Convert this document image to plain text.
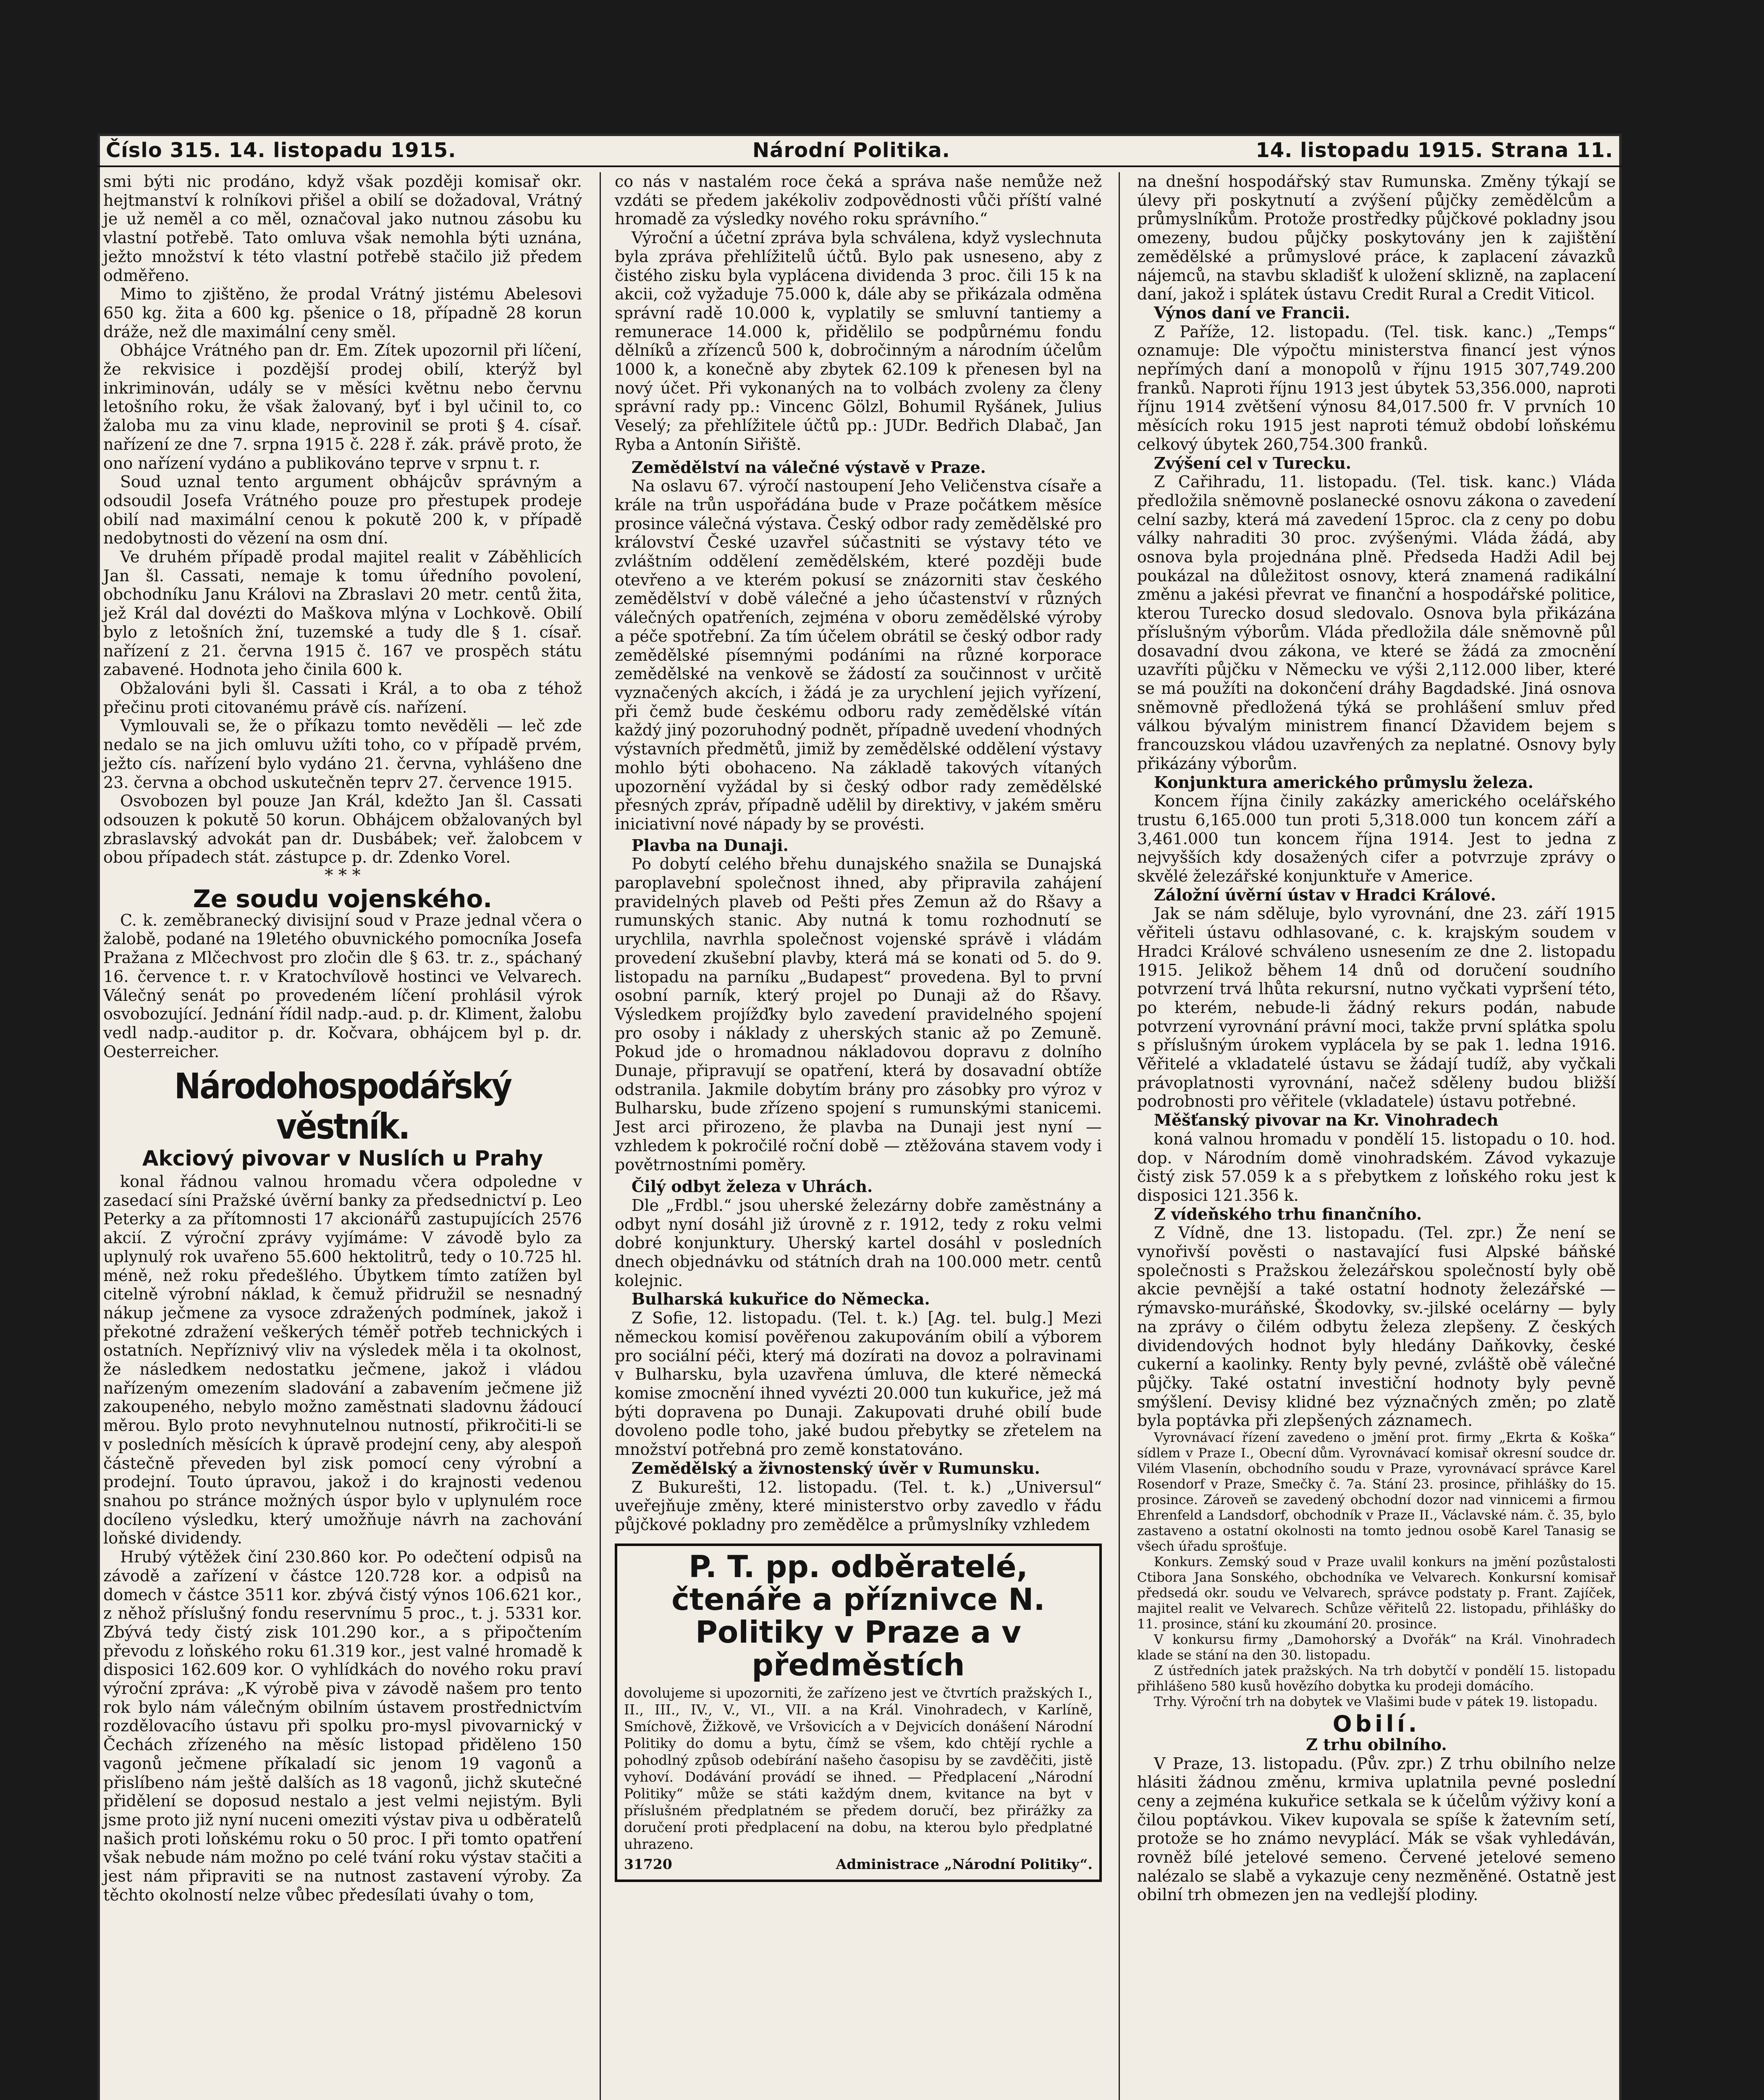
Číslo 315. 14. listopadu 1915.	Národní Politika.	14. listopadu 1915. Strana 11.

smi býti nic prodáno, když však později komisař okr. hejtmanství k rolníkovi přišel a obilí se dožadoval, Vrátný je už neměl a co měl, označoval jako nutnou zásobu ku vlastní potřebě. Tato omluva však nemohla býti uznána, ježto množství k této vlastní potřebě stačilo již předem odměřeno.

Mimo to zjištěno, že prodal Vrátný jistému Abelesovi 650 kg. žita a 600 kg. pšenice o 18, případně 28 korun dráže, než dle maximální ceny směl.

Obhájce Vrátného pan dr. Em. Zítek upozornil při líčení, že rekvisice i pozdější prodej obilí, kterýž byl inkriminován, udály se v měsíci květnu nebo červnu letošního roku, že však žalovaný, byť i byl učinil to, co žaloba mu za vinu klade, neprovinil se proti § 4. císař. nařízení ze dne 7. srpna 1915 č. 228 ř. zák. právě proto, že ono nařízení vydáno a publikováno teprve v srpnu t. r.

Soud uznal tento argument obhájcův správným a odsoudil Josefa Vrátného pouze pro přestupek prodeje obilí nad maximální cenou k pokutě 200 k, v případě nedobytnosti do vězení na osm dní.

Ve druhém případě prodal majitel realit v Záběhlicích Jan šl. Cassati, nemaje k tomu úředního povolení, obchodníku Janu Královi na Zbraslavi 20 metr. centů žita, jež Král dal dovézti do Maškova mlýna v Lochkově. Obilí bylo z letošních žní, tuzemské a tudy dle § 1. císař. nařízení z 21. června 1915 č. 167 ve prospěch státu zabavené. Hodnota jeho činila 600 k.

Obžalováni byli šl. Cassati i Král, a to oba z téhož přečinu proti citovanému právě cís. nařízení.

Vymlouvali se, že o příkazu tomto nevěděli — leč zde nedalo se na jich omluvu užíti toho, co v případě prvém, ježto cís. nařízení bylo vydáno 21. června, vyhlášeno dne 23. června a obchod uskutečněn teprv 27. července 1915.

Osvobozen byl pouze Jan Král, kdežto Jan šl. Cassati odsouzen k pokutě 50 korun. Obhájcem obžalovaných byl zbraslavský advokát pan dr. Dusbábek; veř. žalobcem v obou případech stát. zástupce p. dr. Zdenko Vorel.

* * *

Ze soudu vojenského.

C. k. zeměbranecký divisijní soud v Praze jednal včera o žalobě, podané na 19letého obuvnického pomocníka Josefa Pražana z Mlčechvost pro zločin dle § 63. tr. z., spáchaný 16. července t. r. v Kratochvílově hostinci ve Velvarech. Válečný senát po provedeném líčení prohlásil výrok osvobozující. Jednání řídil nadp.-aud. p. dr. Kliment, žalobu vedl nadp.-auditor p. dr. Kočvara, obhájcem byl p. dr. Oesterreicher.

Národohospodářský věstník.
Akciový pivovar v Nuslích u Prahy

konal řádnou valnou hromadu včera odpoledne v zasedací síni Pražské úvěrní banky za předsednictví p. Leo Peterky a za přítomnosti 17 akcionářů zastupujících 2576 akcií. Z výroční zprávy vyjímáme: V závodě bylo za uplynulý rok uvařeno 55.600 hektolitrů, tedy o 10.725 hl. méně, než roku předešlého. Úbytkem tímto zatížen byl citelně výrobní náklad, k čemuž přidružil se nesnadný nákup ječmene za vysoce zdražených podmínek, jakož i překotné zdražení veškerých téměř potřeb technických i ostatních. Nepříznivý vliv na výsledek měla i ta okolnost, že následkem nedostatku ječmene, jakož i vládou nařízeným omezením sladování a zabavením ječmene již zakoupeného, nebylo možno zaměstnati sladovnu žádoucí měrou. Bylo proto nevyhnutelnou nutností, přikročiti-li se v posledních měsících k úpravě prodejní ceny, aby alespoň částečně převeden byl zisk pomocí ceny výrobní a prodejní. Touto úpravou, jakož i do krajnosti vedenou snahou po stránce možných úspor bylo v uplynulém roce docíleno výsledku, který umožňuje návrh na zachování loňské dividendy.

Hrubý výtěžek činí 230.860 kor. Po odečtení odpisů na závodě a zařízení v částce 120.728 kor. a odpisů na domech v částce 3511 kor. zbývá čistý výnos 106.621 kor., z něhož příslušný fondu reservnímu 5 proc., t. j. 5331 kor. Zbývá tedy čistý zisk 101.290 kor., a s připočtením převodu z loňského roku 61.319 kor., jest valné hromadě k disposici 162.609 kor. O vyhlídkách do nového roku praví výroční zpráva: „K výrobě piva v závodě našem pro tento rok bylo nám válečným obilním ústavem prostřednictvím rozdělovacího ústavu při spolku pro-mysl pivovarnický v Čechách zřízeného na měsíc listopad přiděleno 150 vagonů ječmene příkaladí sic jenom 19 vagonů a přislíbeno nám ještě dalších as 18 vagonů, jichž skutečné přidělení se doposud nestalo a jest velmi nejistým. Byli jsme proto již nyní nuceni omeziti výstav piva u odběratelů našich proti loňskému roku o 50 proc. I při tomto opatření však nebude nám možno po celé tvání roku výstav stačiti a jest nám připraviti se na nutnost zastavení výroby. Za těchto okolností nelze vůbec předesílati úvahy o tom,

co nás v nastalém roce čeká a správa naše nemůže než vzdáti se předem jakékoliv zodpovědnosti vůči příští valné hromadě za výsledky nového roku správního.“

Výroční a účetní zpráva byla schválena, když vyslechnuta byla zpráva přehlížitelů účtů. Bylo pak usneseno, aby z čistého zisku byla vyplácena dividenda 3 proc. čili 15 k na akcii, což vyžaduje 75.000 k, dále aby se přikázala odměna správní radě 10.000 k, vyplatily se smluvní tantiemy a remunerace 14.000 k, přidělilo se podpůrnému fondu dělníků a zřízenců 500 k, dobročinným a národním účelům 1000 k, a konečně aby zbytek 62.109 k přenesen byl na nový účet. Při vykonaných na to volbách zvoleny za členy správní rady pp.: Vincenc Gölzl, Bohumil Ryšánek, Julius Veselý; za přehlížitele účtů pp.: JUDr. Bedřich Dlabač, Jan Ryba a Antonín Siřiště.

Zemědělství na válečné výstavě v Praze.

Na oslavu 67. výročí nastoupení Jeho Veličenstva císaře a krále na trůn uspořádána bude v Praze počátkem měsíce prosince válečná výstava. Český odbor rady zemědělské pro království České uzavřel súčastniti se výstavy této ve zvláštním oddělení zemědělském, které později bude otevřeno a ve kterém pokusí se znázorniti stav českého zemědělství v době válečné a jeho účastenství v různých válečných opatřeních, zejména v oboru zemědělské výroby a péče spotřební. Za tím účelem obrátil se český odbor rady zemědělské písemnými podáními na různé korporace zemědělské na venkově se žádostí za součinnost v určitě vyznačených akcích, i žádá je za urychlení jejich vyřízení, při čemž bude českému odboru rady zemědělské vítán každý jiný pozoruhodný podnět, případně uvedení vhodných výstavních předmětů, jimiž by zemědělské oddělení výstavy mohlo býti obohaceno. Na základě takových vítaných upozornění vyžádal by si český odbor rady zemědělské přesných zpráv, případně udělil by direktivy, v jakém směru iniciativní nové nápady by se provésti.

Plavba na Dunaji.

Po dobytí celého břehu dunajského snažila se Dunajská paroplavební společnost ihned, aby připravila zahájení pravidelných plaveb od Pešti přes Zemun až do Ršavy a rumunských stanic. Aby nutná k tomu rozhodnutí se urychlila, navrhla společnost vojenské správě i vládám provedení zkušební plavby, která má se konati od 5. do 9. listopadu na parníku „Budapest“ provedena. Byl to první osobní parník, který projel po Dunaji až do Ršavy. Výsledkem projížďky bylo zavedení pravidelného spojení pro osoby i náklady z uherských stanic až po Zemuně. Pokud jde o hromadnou nákladovou dopravu z dolního Dunaje, připravují se opatření, která by dosavadní obtíže odstranila. Jakmile dobytím brány pro zásobky pro výroz v Bulharsku, bude zřízeno spojení s rumunskými stanicemi. Jest arci přirozeno, že plavba na Dunaji jest nyní — vzhledem k pokročilé roční době — ztěžována stavem vody i povětrnostními poměry.

Čilý odbyt železa v Uhrách.

Dle „Frdbl.“ jsou uherské železárny dobře zaměstnány a odbyt nyní dosáhl již úrovně z r. 1912, tedy z roku velmi dobré konjunktury. Uherský kartel dosáhl v posledních dnech objednávku od státních drah na 100.000 metr. centů kolejnic.

Bulharská kukuřice do Německa.

Z Sofie, 12. listopadu. (Tel. t. k.) [Ag. tel. bulg.] Mezi německou komisí pověřenou zakupováním obilí a výborem pro sociální péči, který má dozírati na dovoz a polravinami v Bulharsku, byla uzavřena úmluva, dle které německá komise zmocnění ihned vyvézti 20.000 tun kukuřice, jež má býti dopravena po Dunaji. Zakupovati druhé obilí bude dovoleno podle toho, jaké budou přebytky se zřetelem na množství potřebná pro země konstatováno.

Zemědělský a živnostenský úvěr v Rumunsku.

Z Bukurešti, 12. listopadu. (Tel. t. k.) „Universul“ uveřejňuje změny, které ministerstvo orby zavedlo v řádu půjčkové pokladny pro zemědělce a průmyslníky vzhledem

P. T. pp. odběratelé, čtenáře a příznivce N. Politiky v Praze a v předměstích

dovolujeme si upozorniti, že zařízeno jest ve čtvrtích pražských I., II., III., IV., V., VI., VII. a na Král. Vinohradech, v Karlíně, Smíchově, Žižkově, ve Vršovicích a v Dejvicích donášení Národní Politiky do domu a bytu, čímž se všem, kdo chtějí rychle a pohodlný způsob odebírání našeho časopisu by se zavděčiti, jistě vyhoví. Dodávání provádí se ihned. — Předplacení „Národní Politiky“ může se státi každým dnem, kvitance na byt v příslušném předplatném se předem doručí, bez přirážky za doručení proti předplacení na dobu, na kterou bylo předplatné uhrazeno.

31720	Administrace „Národní Politiky“.

na dnešní hospodářský stav Rumunska. Změny týkají se úlevy při poskytnutí a zvýšení půjčky zemědělcům a průmyslníkům. Protože prostředky půjčkové pokladny jsou omezeny, budou půjčky poskytovány jen k zajištění zemědělské a průmyslové práce, k zaplacení závazků nájemců, na stavbu skladišť k uložení sklizně, na zaplacení daní, jakož i splátek ústavu Credit Rural a Credit Viticol.

Výnos daní ve Francii.

Z Paříže, 12. listopadu. (Tel. tisk. kanc.) „Temps“ oznamuje: Dle výpočtu ministerstva financí jest výnos nepřímých daní a monopolů v říjnu 1915 307,749.200 franků. Naproti říjnu 1913 jest úbytek 53,356.000, naproti říjnu 1914 zvětšení výnosu 84,017.500 fr. V prvních 10 měsících roku 1915 jest naproti témuž období loňskému celkový úbytek 260,754.300 franků.

Zvýšení cel v Turecku.

Z Cařihradu, 11. listopadu. (Tel. tisk. kanc.) Vláda předložila sněmovně poslanecké osnovu zákona o zavedení celní sazby, která má zavedení 15proc. cla z ceny po dobu války nahraditi 30 proc. zvýšenými. Vláda žádá, aby osnova byla projednána plně. Předseda Hadži Adil bej poukázal na důležitost osnovy, která znamená radikální změnu a jakési převrat ve finanční a hospodářské politice, kterou Turecko dosud sledovalo. Osnova byla přikázána příslušným výborům. Vláda předložila dále sněmovně půl dosavadní dvou zákona, ve které se žádá za zmocnění uzavříti půjčku v Německu ve výši 2,112.000 liber, které se má použíti na dokončení dráhy Bagdadské. Jiná osnova sněmovně předložená týká se prohlášení smluv před válkou bývalým ministrem financí Džavidem bejem s francouzskou vládou uzavřených za neplatné. Osnovy byly přikázány výborům.

Konjunktura amerického průmyslu železa.

Koncem října činily zakázky amerického ocelářského trustu 6,165.000 tun proti 5,318.000 tun koncem září a 3,461.000 tun koncem října 1914. Jest to jedna z nejvyšších kdy dosažených cifer a potvrzuje zprávy o skvělé železářské konjunktuře v Americe.

Záložní úvěrní ústav v Hradci Králové.

Jak se nám sděluje, bylo vyrovnání, dne 23. září 1915 věřiteli ústavu odhlasované, c. k. krajským soudem v Hradci Králové schváleno usnesením ze dne 2. listopadu 1915. Jelikož během 14 dnů od doručení soudního potvrzení trvá lhůta rekursní, nutno vyčkati vypršení této, po kterém, nebude-li žádný rekurs podán, nabude potvrzení vyrovnání právní moci, takže první splátka spolu s příslušným úrokem vyplácela by se pak 1. ledna 1916. Věřitelé a vkladatelé ústavu se žádají tudíž, aby vyčkali právoplatnosti vyrovnání, načež sděleny budou bližší podrobnosti pro věřitele (vkladatele) ústavu potřebné.

Měšťanský pivovar na Kr. Vinohradech

koná valnou hromadu v pondělí 15. listopadu o 10. hod. dop. v Národním domě vinohradském. Závod vykazuje čistý zisk 57.059 k a s přebytkem z loňského roku jest k disposici 121.356 k.

Z vídeňského trhu finančního.

Z Vídně, dne 13. listopadu. (Tel. zpr.) Že není se vynořivší pověsti o nastavající fusi Alpské báňské společnosti s Pražskou železářskou společností byly obě akcie pevnější a také ostatní hodnoty železářské — rýmavsko-muráňské, Škodovky, sv.-jilské ocelárny — byly na zprávy o čilém odbytu železa zlepšeny. Z českých dividendových hodnot byly hledány Daňkovky, české cukerní a kaolinky. Renty byly pevné, zvláště obě válečné půjčky. Také ostatní investiční hodnoty byly pevně smýšlení. Devisy klidné bez význačných změn; po zlatě byla poptávka při zlepšených záznamech.

Vyrovnávací řízení zavedeno o jmění prot. firmy „Ekrta & Koška“ sídlem v Praze I., Obecní dům. Vyrovnávací komisař okresní soudce dr. Vilém Vlasenín, obchodního soudu v Praze, vyrovnávací správce Karel Rosendorf v Praze, Smečky č. 7a. Stání 23. prosince, přihlášky do 15. prosince. Zároveň se zavedený obchodní dozor nad vinnicemi a firmou Ehrenfeld a Landsdorf, obchodník v Praze II., Václavské nám. č. 35, bylo zastaveno a ostatní okolnosti na tomto jednou osobě Karel Tanasig se všech úřadu sprošťuje.

Konkurs. Zemský soud v Praze uvalil konkurs na jmění pozůstalosti Ctibora Jana Sonského, obchodníka ve Velvarech. Konkursní komisař předsedá okr. soudu ve Velvarech, správce podstaty p. Frant. Zajíček, majitel realit ve Velvarech. Schůze věřitelů 22. listopadu, přihlášky do 11. prosince, stání ku zkoumání 20. prosince.

V konkursu firmy „Damohorský a Dvořák“ na Král. Vinohradech klade se stání na den 30. listopadu.

Z ústředních jatek pražských. Na trh dobytčí v pondělí 15. listopadu přihlášeno 580 kusů hovězího dobytka ku prodeji domácího.

Trhy. Výroční trh na dobytek ve Vlašimi bude v pátek 19. listopadu.

Obilí.

Z trhu obilního.

V Praze, 13. listopadu. (Pův. zpr.) Z trhu obilního nelze hlásiti žádnou změnu, krmiva uplatnila pevné poslední ceny a zejména kukuřice setkala se k účelům výživy koní a čilou poptávkou. Vikev kupovala se spíše k žatevním setí, protože se ho známo nevyplácí. Mák se však vyhledáván, rovněž bílé jetelové semeno. Červené jetelové semeno nalézalo se slabě a vykazuje ceny nezměněné. Ostatně jest obilní trh obmezen jen na vedlejší plodiny.
